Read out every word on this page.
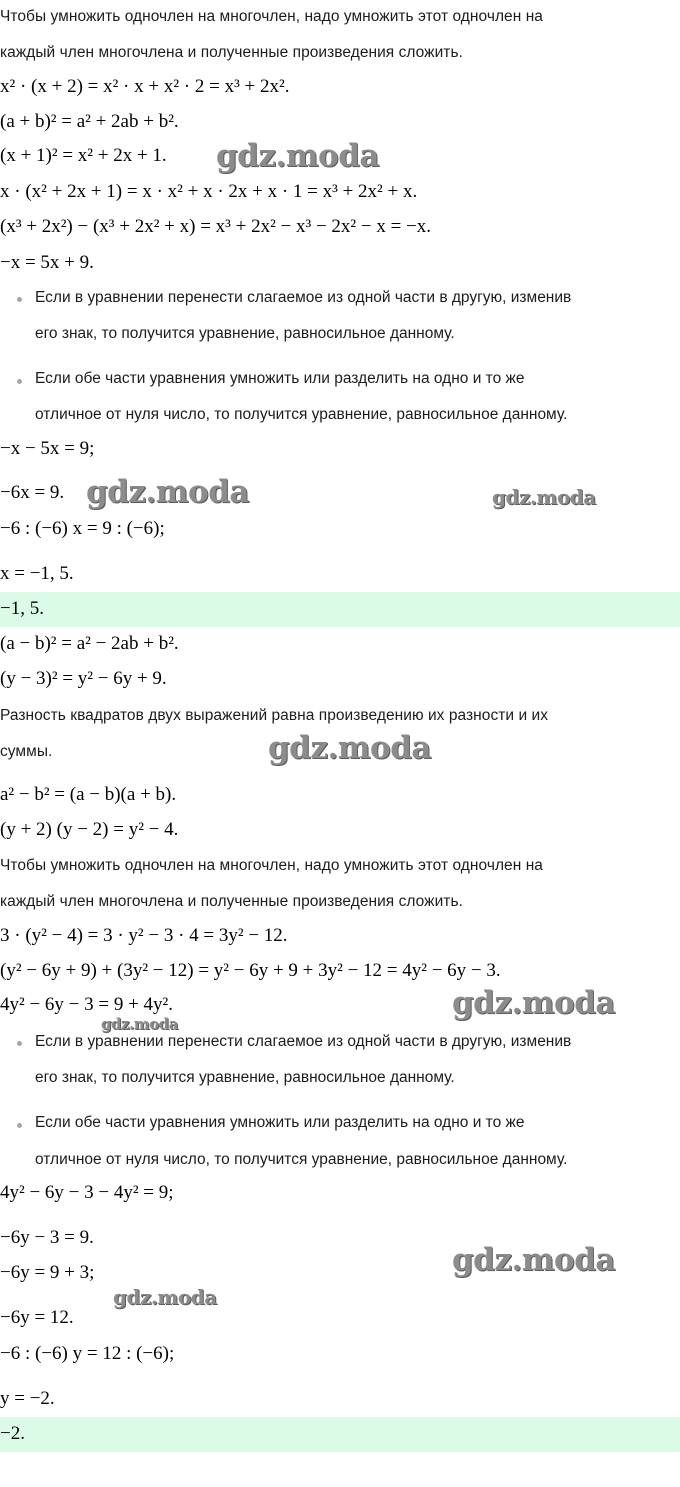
Чтобы умножить одночлен на многочлен, надо умножить этот одночлен на
каждый член многочлена и полученные произведения сложить.
x² · (x + 2) = x² · x + x² · 2 = x³ + 2x².
(a + b)² = a² + 2ab + b².
(x + 1)² = x² + 2x + 1.
x · (x² + 2x + 1) = x · x² + x · 2x + x · 1 = x³ + 2x² + x.
(x³ + 2x²) − (x³ + 2x² + x) = x³ + 2x² − x³ − 2x² − x = −x.
−x = 5x + 9.
Если в уравнении перенести слагаемое из одной части в другую, изменив
его знак, то получится уравнение, равносильное данному.
Если обе части уравнения умножить или разделить на одно и то же
отличное от нуля число, то получится уравнение, равносильное данному.
−x − 5x = 9;
−6x = 9.
−6 : (−6) x = 9 : (−6);
x = −1, 5.
−1, 5.
(a − b)² = a² − 2ab + b².
(y − 3)² = y² − 6y + 9.
Разность квадратов двух выражений равна произведению их разности и их
суммы.
a² − b² = (a − b)(a + b).
(y + 2) (y − 2) = y² − 4.
Чтобы умножить одночлен на многочлен, надо умножить этот одночлен на
каждый член многочлена и полученные произведения сложить.
3 · (y² − 4) = 3 · y² − 3 · 4 = 3y² − 12.
(y² − 6y + 9) + (3y² − 12) = y² − 6y + 9 + 3y² − 12 = 4y² − 6y − 3.
4y² − 6y − 3 = 9 + 4y².
Если в уравнении перенести слагаемое из одной части в другую, изменив
его знак, то получится уравнение, равносильное данному.
Если обе части уравнения умножить или разделить на одно и то же
отличное от нуля число, то получится уравнение, равносильное данному.
4y² − 6y − 3 − 4y² = 9;
−6y − 3 = 9.
−6y = 9 + 3;
−6y = 12.
−6 : (−6) y = 12 : (−6);
y = −2.
−2.
gdz.moda
gdz.moda	gdz.moda
gdz.moda
gdz.moda
gdz.moda
gdz.moda
gdz.moda
